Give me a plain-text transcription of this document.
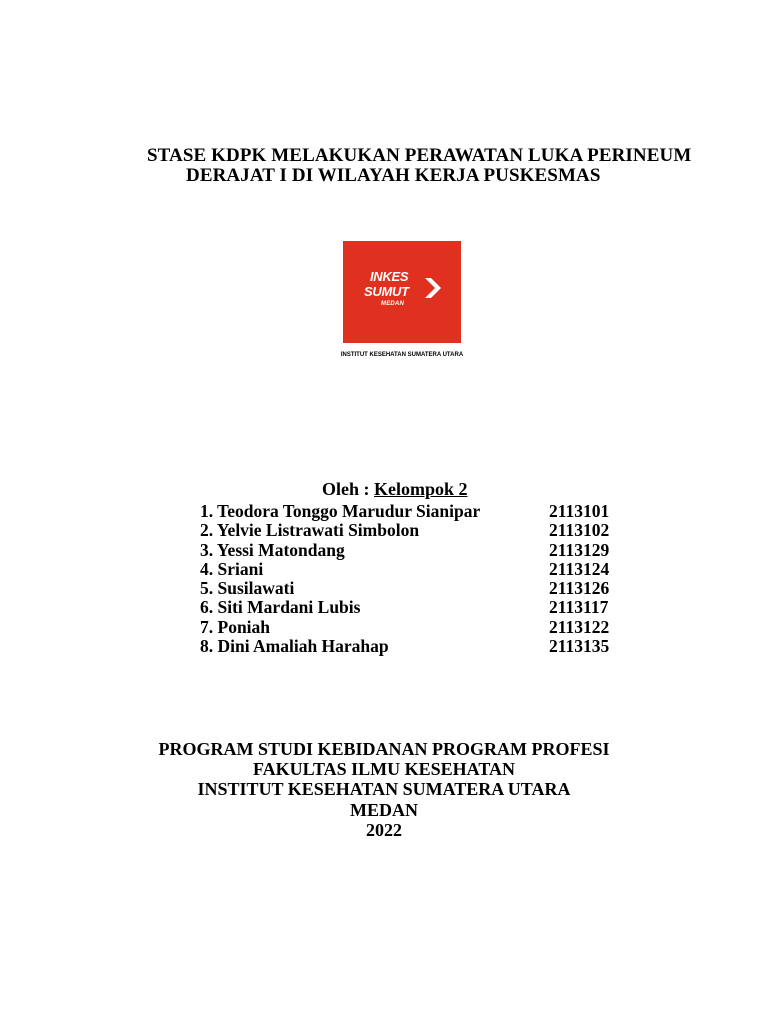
STASE KDPK MELAKUKAN PERAWATAN LUKA PERINEUM
DERAJAT I DI WILAYAH KERJA PUSKESMAS
INKES
SUMUT
MEDAN
INSTITUT KESEHATAN SUMATERA UTARA
Oleh : Kelompok 2
1. Teodora Tonggo Marudur Sianipar	2113101
2. Yelvie Listrawati Simbolon	2113102
3. Yessi Matondang	2113129
4. Sriani	2113124
5. Susilawati	2113126
6. Siti Mardani Lubis	2113117
7. Poniah	2113122
8. Dini Amaliah Harahap	2113135
PROGRAM STUDI KEBIDANAN PROGRAM PROFESI
FAKULTAS ILMU KESEHATAN
INSTITUT KESEHATAN SUMATERA UTARA
MEDAN
2022
